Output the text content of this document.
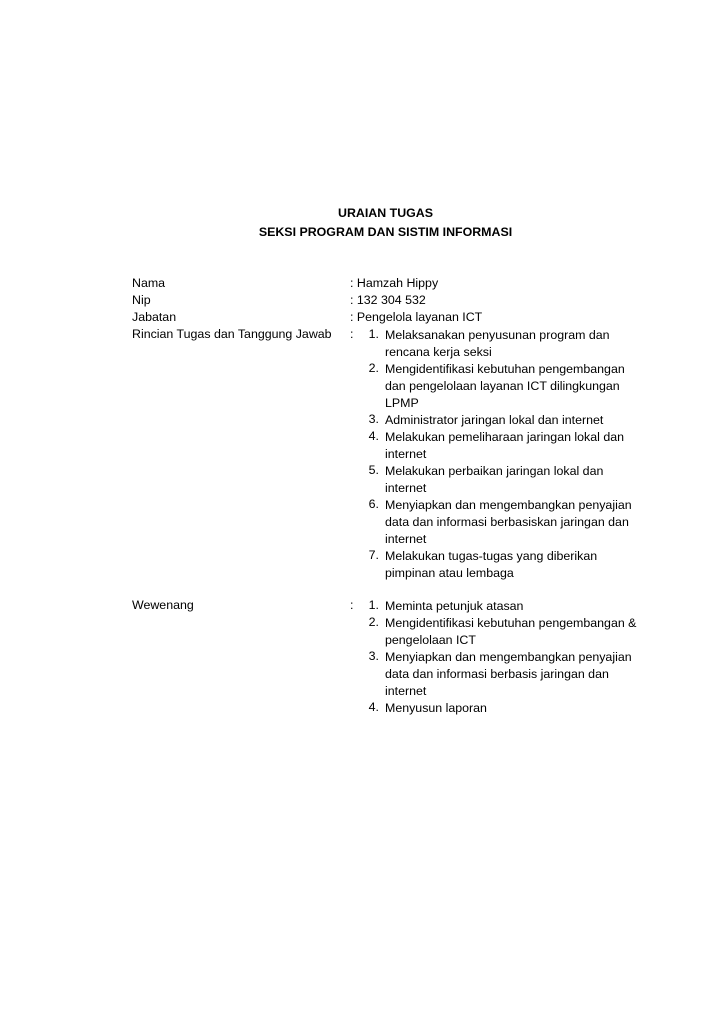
URAIAN TUGAS
SEKSI PROGRAM DAN SISTIM INFORMASI
Nama	: Hamzah Hippy
Nip	: 132 304 532
Jabatan	: Pengelola layanan ICT
Rincian Tugas dan Tanggung Jawab : 1. Melaksanakan penyusunan program dan rencana kerja seksi
2. Mengidentifikasi kebutuhan pengembangan dan pengelolaan layanan ICT dilingkungan LPMP
3. Administrator jaringan lokal dan internet
4. Melakukan pemeliharaan jaringan lokal dan internet
5. Melakukan perbaikan jaringan lokal dan internet
6. Menyiapkan dan mengembangkan penyajian data dan informasi berbasiskan jaringan dan internet
7. Melakukan tugas-tugas yang diberikan pimpinan atau lembaga
Wewenang	: 1. Meminta petunjuk atasan
2. Mengidentifikasi kebutuhan pengembangan & pengelolaan ICT
3. Menyiapkan dan mengembangkan penyajian data dan informasi berbasis jaringan dan internet
4. Menyusun laporan
